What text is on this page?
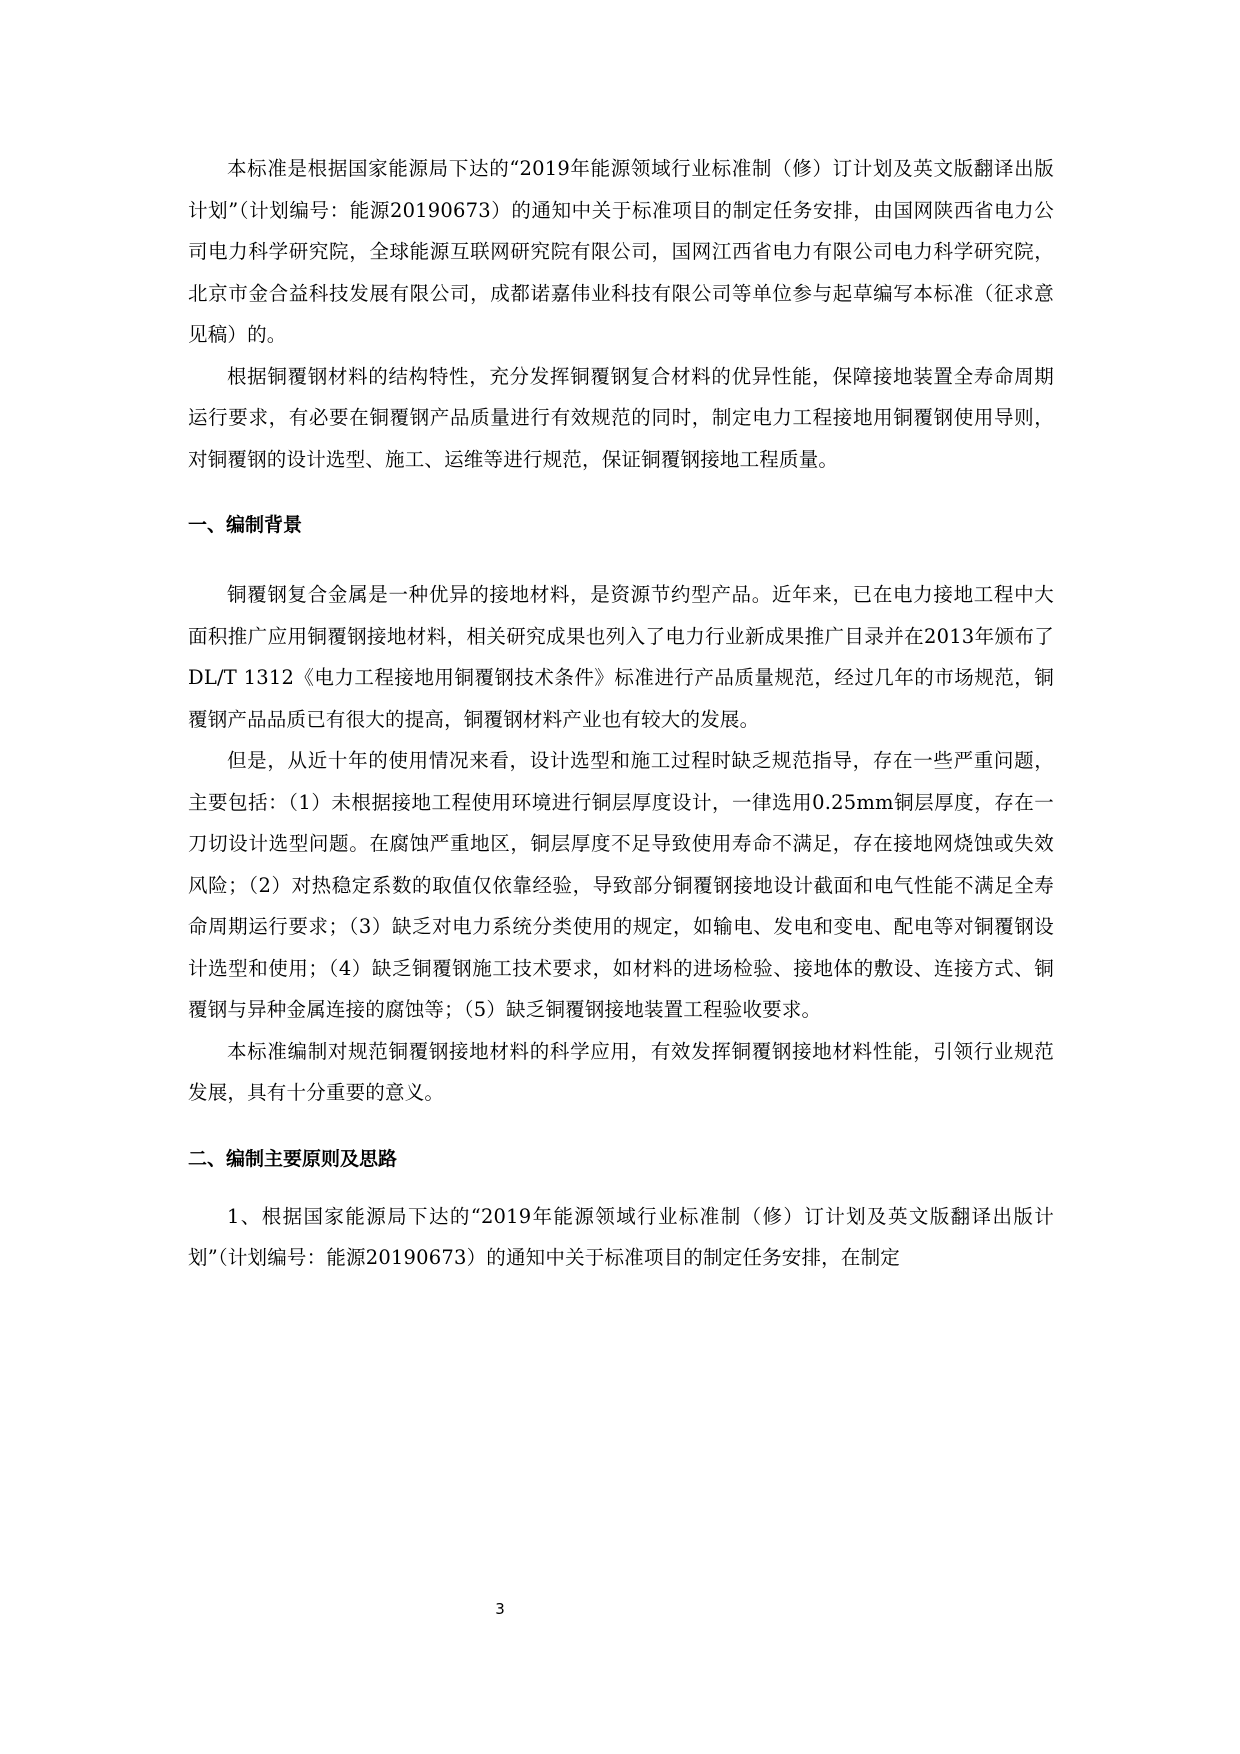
本标准是根据国家能源局下达的“2019年能源领域行业标准制（修）订计划及英文版翻译出版计划”（计划编号：能源20190673）的通知中关于标准项目的制定任务安排，由国网陕西省电力公司电力科学研究院，全球能源互联网研究院有限公司，国网江西省电力有限公司电力科学研究院，北京市金合益科技发展有限公司，成都诺嘉伟业科技有限公司等单位参与起草编写本标准（征求意见稿）的。

根据铜覆钢材料的结构特性，充分发挥铜覆钢复合材料的优异性能，保障接地装置全寿命周期运行要求，有必要在铜覆钢产品质量进行有效规范的同时，制定电力工程接地用铜覆钢使用导则，对铜覆钢的设计选型、施工、运维等进行规范，保证铜覆钢接地工程质量。

一、编制背景

铜覆钢复合金属是一种优异的接地材料，是资源节约型产品。近年来，已在电力接地工程中大面积推广应用铜覆钢接地材料，相关研究成果也列入了电力行业新成果推广目录并在2013年颁布了DL/T 1312《电力工程接地用铜覆钢技术条件》标准进行产品质量规范，经过几年的市场规范，铜覆钢产品品质已有很大的提高，铜覆钢材料产业也有较大的发展。

但是，从近十年的使用情况来看，设计选型和施工过程时缺乏规范指导，存在一些严重问题，主要包括：（1）未根据接地工程使用环境进行铜层厚度设计，一律选用0.25mm铜层厚度，存在一刀切设计选型问题。在腐蚀严重地区，铜层厚度不足导致使用寿命不满足，存在接地网烧蚀或失效风险；（2）对热稳定系数的取值仅依靠经验，导致部分铜覆钢接地设计截面和电气性能不满足全寿命周期运行要求；（3）缺乏对电力系统分类使用的规定，如输电、发电和变电、配电等对铜覆钢设计选型和使用；（4）缺乏铜覆钢施工技术要求，如材料的进场检验、接地体的敷设、连接方式、铜覆钢与异种金属连接的腐蚀等；（5）缺乏铜覆钢接地装置工程验收要求。

本标准编制对规范铜覆钢接地材料的科学应用，有效发挥铜覆钢接地材料性能，引领行业规范发展，具有十分重要的意义。

二、编制主要原则及思路

1、根据国家能源局下达的“2019年能源领域行业标准制（修）订计划及英文版翻译出版计划”（计划编号：能源20190673）的通知中关于标准项目的制定任务安排，在制定

3
